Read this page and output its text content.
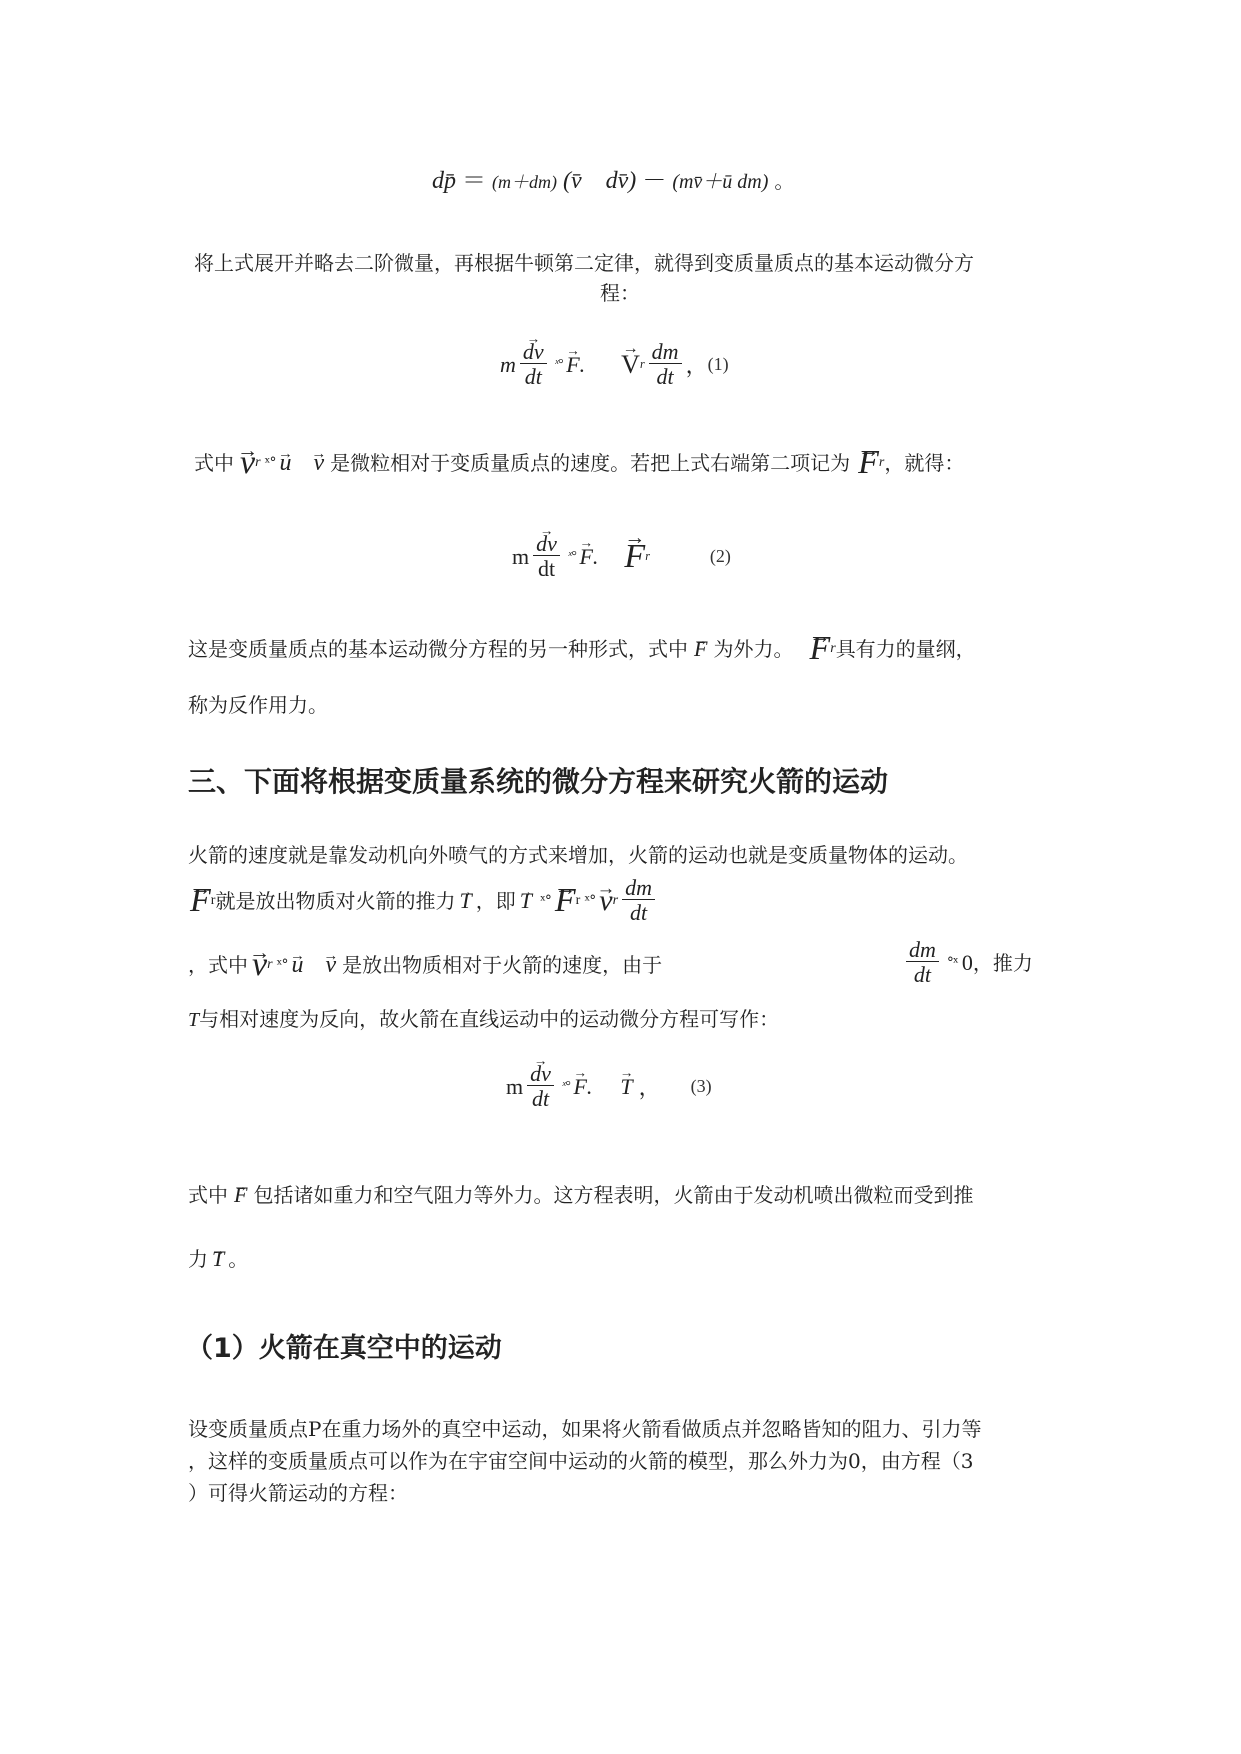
dp̄ ＝ (m＋dm) (v̄ dv̄) － (mv̄＋ū dm) 。
将上式展开并略去二阶微量，再根据牛顿第二定律，就得到变质量质点的基本运动微分方
程：
m
→ $\frac{dv}{dt}$ ˣ°
→ F .
→ V r $\frac{dm}{dt}$ ， (1)
式中
→ v r ˣ°
→ u
→ v 是微粒相对于变质量质点的速度。若把上式右端第二项记为
→ F r ，就得：
m
→ $\frac{dv}{dt}$ ˣ°
→ F .
→ F r	(2)
这是变质量质点的基本运动微分方程的另一种形式，式中
→ F 为外力。
→ F r 具有力的量纲，
称为反作用力。
三、下面将根据变质量系统的微分方程来研究火箭的运动
火箭的速度就是靠发动机向外喷气的方式来增加，火箭的运动也就是变质量物体的运动。
→ F r 就是放出物质对火箭的推力
→ T ，即
→ T ˣ°
→ F r ˣ°
→ v r $\frac{dm}{dt}$
，式中
→ v r ˣ°
→ u
→ v 是放出物质相对于火箭的速度，由于	$\frac{dm}{dt}$ °ˣ 0 ，推力
T与相对速度为反向，故火箭在直线运动中的运动微分方程可写作：
m
→ $\frac{dv}{dt}$ ˣ°
→ F .
→ T ， (3)
式中
→ F 包括诸如重力和空气阻力等外力。这方程表明，火箭由于发动机喷出微粒而受到推
力
→ T 。
（1）火箭在真空中的运动
设变质量质点P在重力场外的真空中运动，如果将火箭看做质点并忽略皆知的阻力、引力等
，这样的变质量质点可以作为在宇宙空间中运动的火箭的模型，那么外力为0，由方程（3
）可得火箭运动的方程：
